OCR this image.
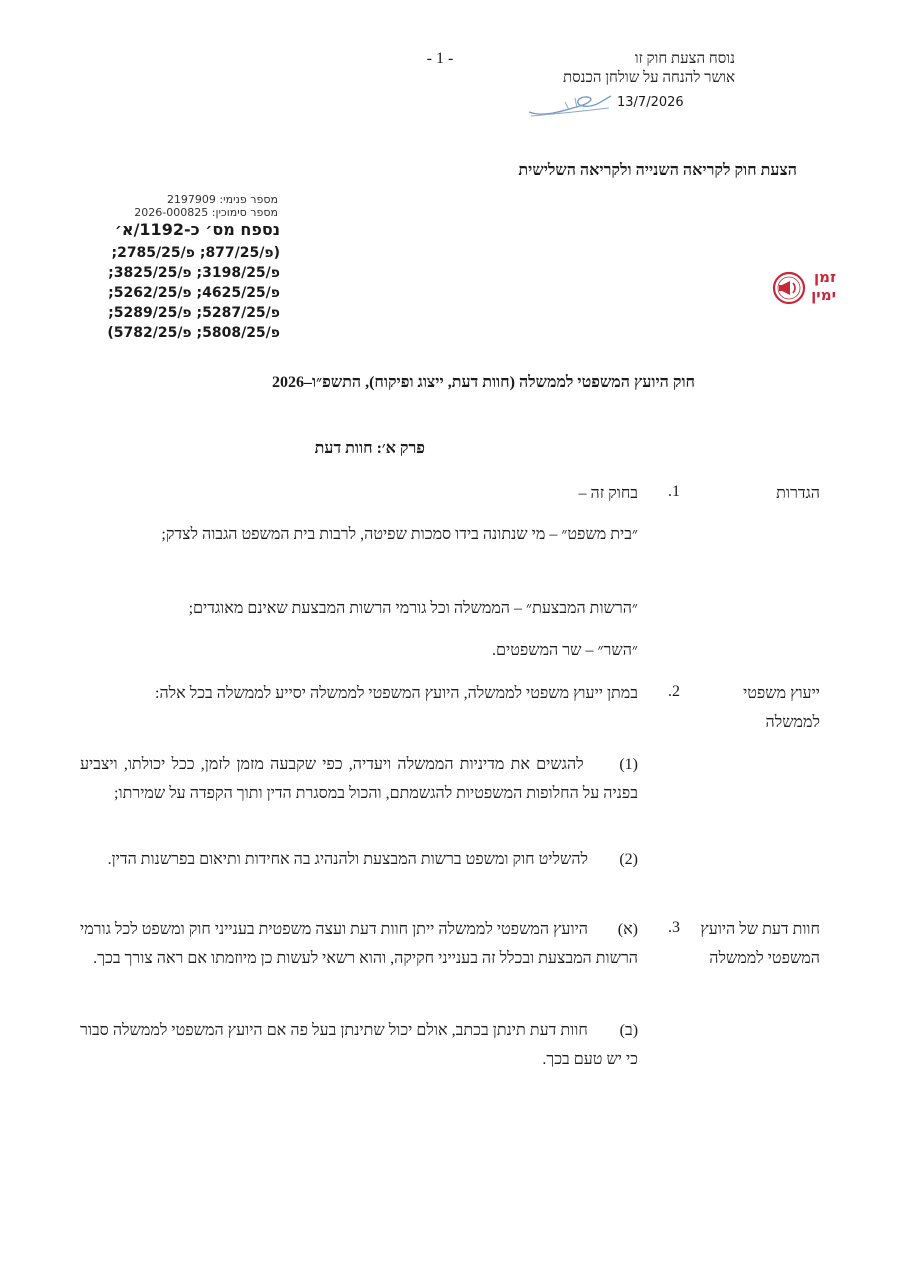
- 1 -	נוסח הצעת חוק זו
אושר להנחה על שולחן הכנסת
13/7/2026
הצעת חוק לקריאה השנייה ולקריאה השלישית
מספר פנימי: 2197909
מספר סימוכין: 2026-000825
נספח מס׳ כ-1192/א׳
(פ/877/25; פ/2785/25;
פ/3198/25; פ/3825/25;
פ/4625/25; פ/5262/25;
פ/5287/25; פ/5289/25;
פ/5808/25; פ/5782/25)
זמן
ימין
חוק היועץ המשפטי לממשלה (חוות דעת, ייצוג ופיקוח), התשפ״ו–2026
פרק א׳: חוות דעת
הגדרות
1.
בחוק זה –
״בית משפט״ – מי שנתונה בידו סמכות שפיטה, לרבות בית המשפט הגבוה לצדק;
״הרשות המבצעת״ – הממשלה וכל גורמי הרשות המבצעת שאינם מאוגדים;
״השר״ – שר המשפטים.
ייעוץ משפטי לממשלה
2.
במתן ייעוץ משפטי לממשלה, היועץ המשפטי לממשלה יסייע לממשלה בכל אלה:
(1)  להגשים את מדיניות הממשלה ויעדיה, כפי שקבעה מזמן לזמן, ככל יכולתו, ויצביע בפניה על החלופות המשפטיות להגשמתם, והכול במסגרת הדין ותוך הקפדה על שמירתו;
(2)  להשליט חוק ומשפט ברשות המבצעת ולהנהיג בה אחידות ותיאום בפרשנות הדין.
חוות דעת של היועץ המשפטי לממשלה
3.
(א)  היועץ המשפטי לממשלה ייתן חוות דעת ועצה משפטית בענייני חוק ומשפט לכל גורמי הרשות המבצעת ובכלל זה בענייני חקיקה, והוא רשאי לעשות כן מיוזמתו אם ראה צורך בכך.
(ב)  חוות דעת תינתן בכתב, אולם יכול שתינתן בעל פה אם היועץ המשפטי לממשלה סבור כי יש טעם בכך.
